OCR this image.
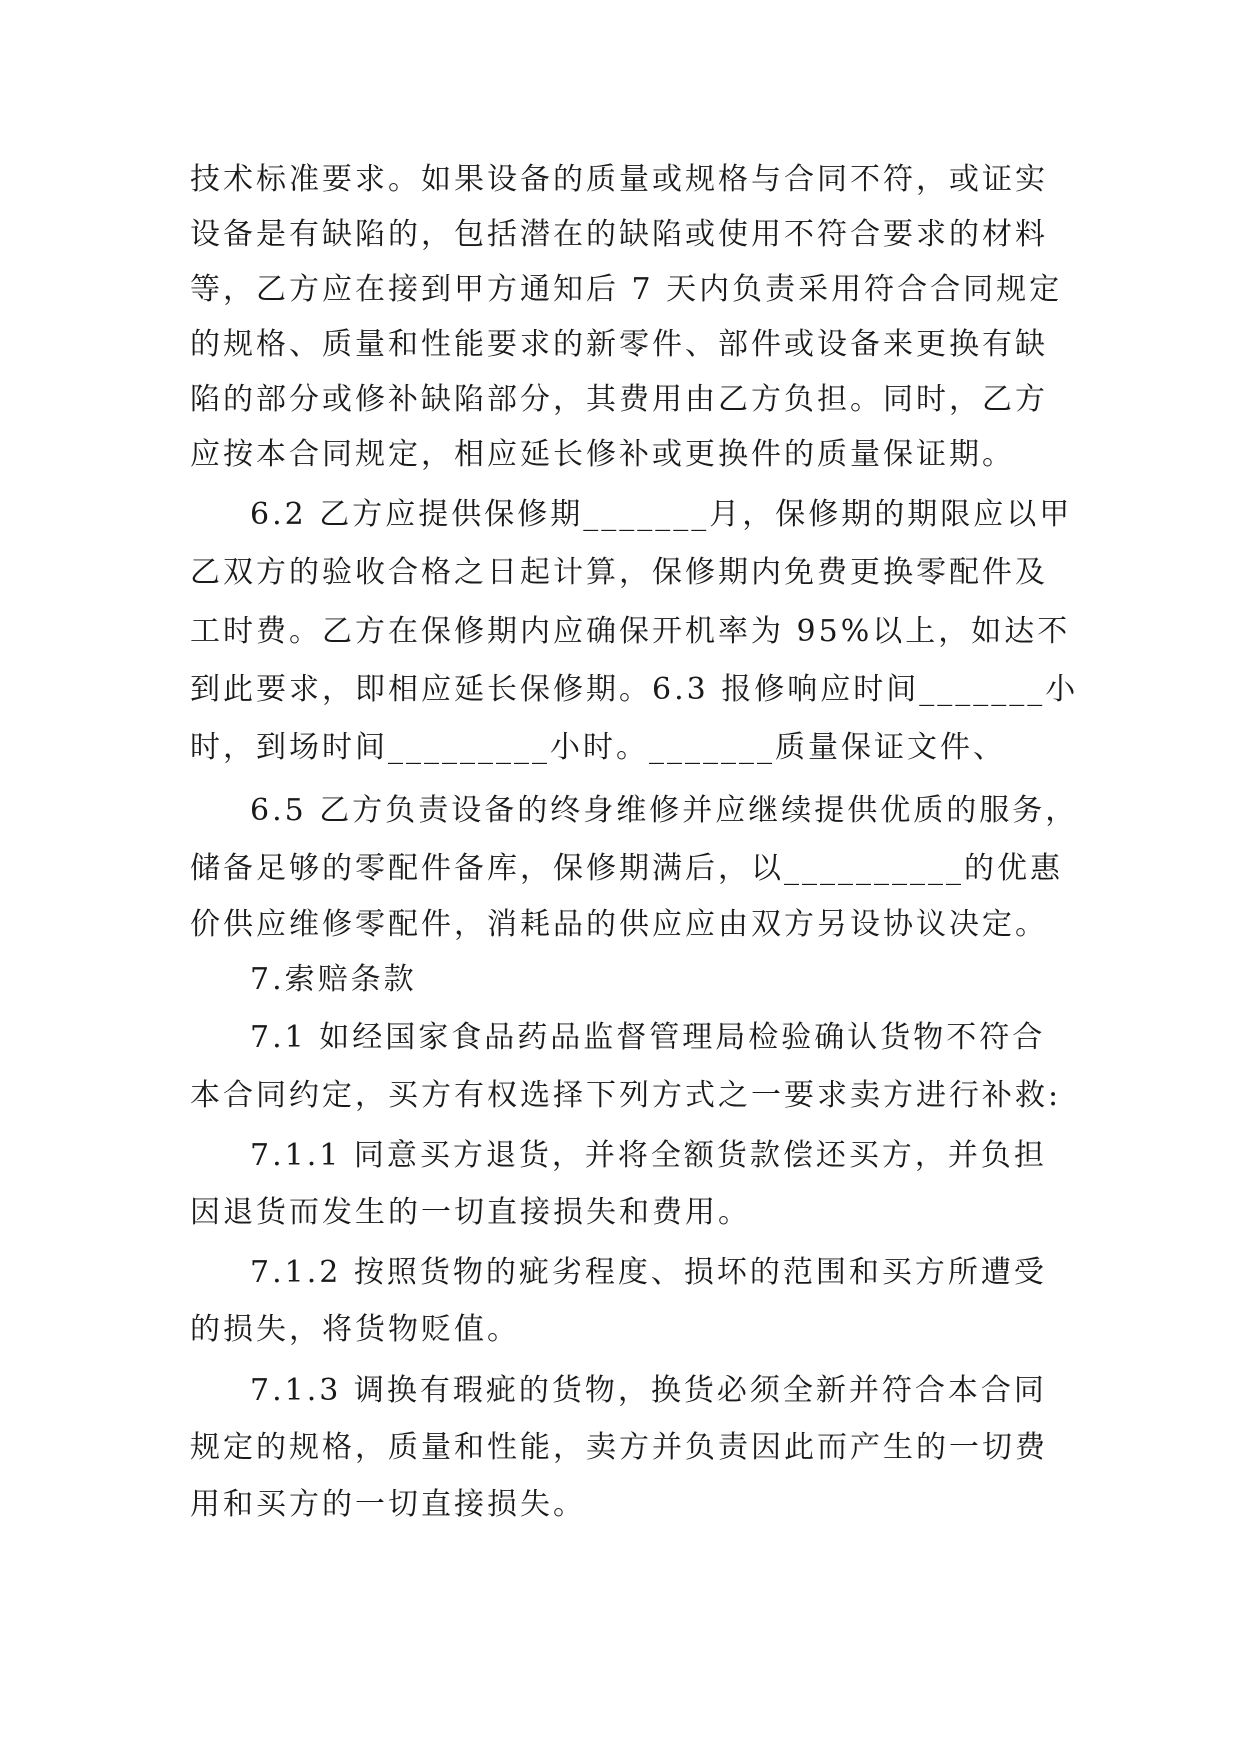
技术标准要求。如果设备的质量或规格与合同不符，或证实
设备是有缺陷的，包括潜在的缺陷或使用不符合要求的材料
等，乙方应在接到甲方通知后 7 天内负责采用符合合同规定
的规格、质量和性能要求的新零件、部件或设备来更换有缺
陷的部分或修补缺陷部分，其费用由乙方负担。同时，乙方
应按本合同规定，相应延长修补或更换件的质量保证期。
6.2 乙方应提供保修期_______月，保修期的期限应以甲
乙双方的验收合格之日起计算，保修期内免费更换零配件及
工时费。乙方在保修期内应确保开机率为 95%以上，如达不
到此要求，即相应延长保修期。6.3 报修响应时间_______小
时，到场时间_________小时。_______质量保证文件、
6.5 乙方负责设备的终身维修并应继续提供优质的服务，
储备足够的零配件备库，保修期满后，以__________的优惠
价供应维修零配件，消耗品的供应应由双方另设协议决定。
7.索赔条款
7.1 如经国家食品药品监督管理局检验确认货物不符合
本合同约定，买方有权选择下列方式之一要求卖方进行补救:
7.1.1 同意买方退货，并将全额货款偿还买方，并负担
因退货而发生的一切直接损失和费用。
7.1.2 按照货物的疵劣程度、损坏的范围和买方所遭受
的损失，将货物贬值。
7.1.3 调换有瑕疵的货物，换货必须全新并符合本合同
规定的规格，质量和性能，卖方并负责因此而产生的一切费
用和买方的一切直接损失。
